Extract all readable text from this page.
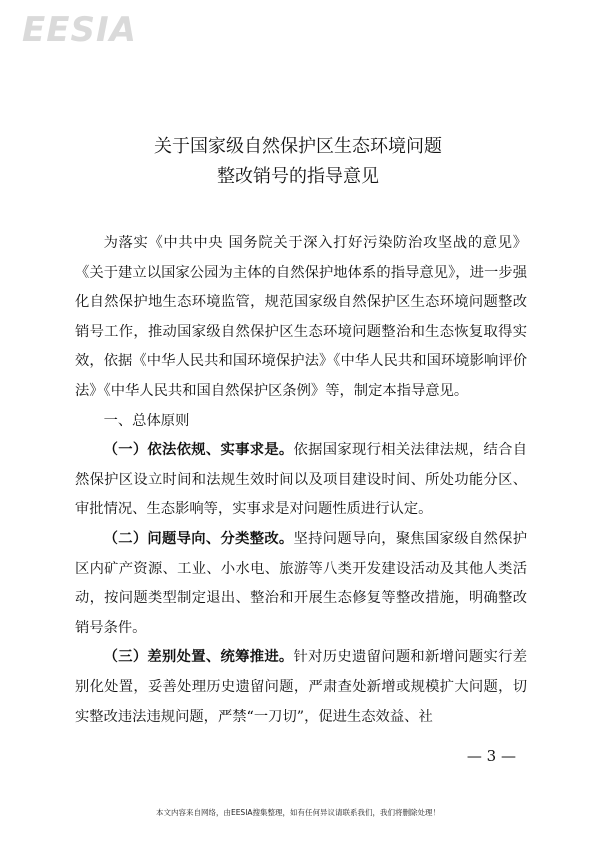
EESIA
关于国家级自然保护区生态环境问题
整改销号的指导意见

为落实《中共中央 国务院关于深入打好污染防治攻坚战的意见》《关于建立以国家公园为主体的自然保护地体系的指导意见》，进一步强化自然保护地生态环境监管，规范国家级自然保护区生态环境问题整改销号工作，推动国家级自然保护区生态环境问题整治和生态恢复取得实效，依据《中华人民共和国环境保护法》《中华人民共和国环境影响评价法》《中华人民共和国自然保护区条例》等，制定本指导意见。

一、总体原则

（一）依法依规、实事求是。依据国家现行相关法律法规，结合自然保护区设立时间和法规生效时间以及项目建设时间、所处功能分区、审批情况、生态影响等，实事求是对问题性质进行认定。

（二）问题导向、分类整改。坚持问题导向，聚焦国家级自然保护区内矿产资源、工业、小水电、旅游等八类开发建设活动及其他人类活动，按问题类型制定退出、整治和开展生态修复等整改措施，明确整改销号条件。

（三）差别处置、统筹推进。针对历史遗留问题和新增问题实行差别化处置，妥善处理历史遗留问题，严肃查处新增或规模扩大问题，切实整改违法违规问题，严禁“一刀切”，促进生态效益、社

— 3 —
本文内容来自网络，由EESIA搜集整理，如有任何异议请联系我们，我们将删除处理！
